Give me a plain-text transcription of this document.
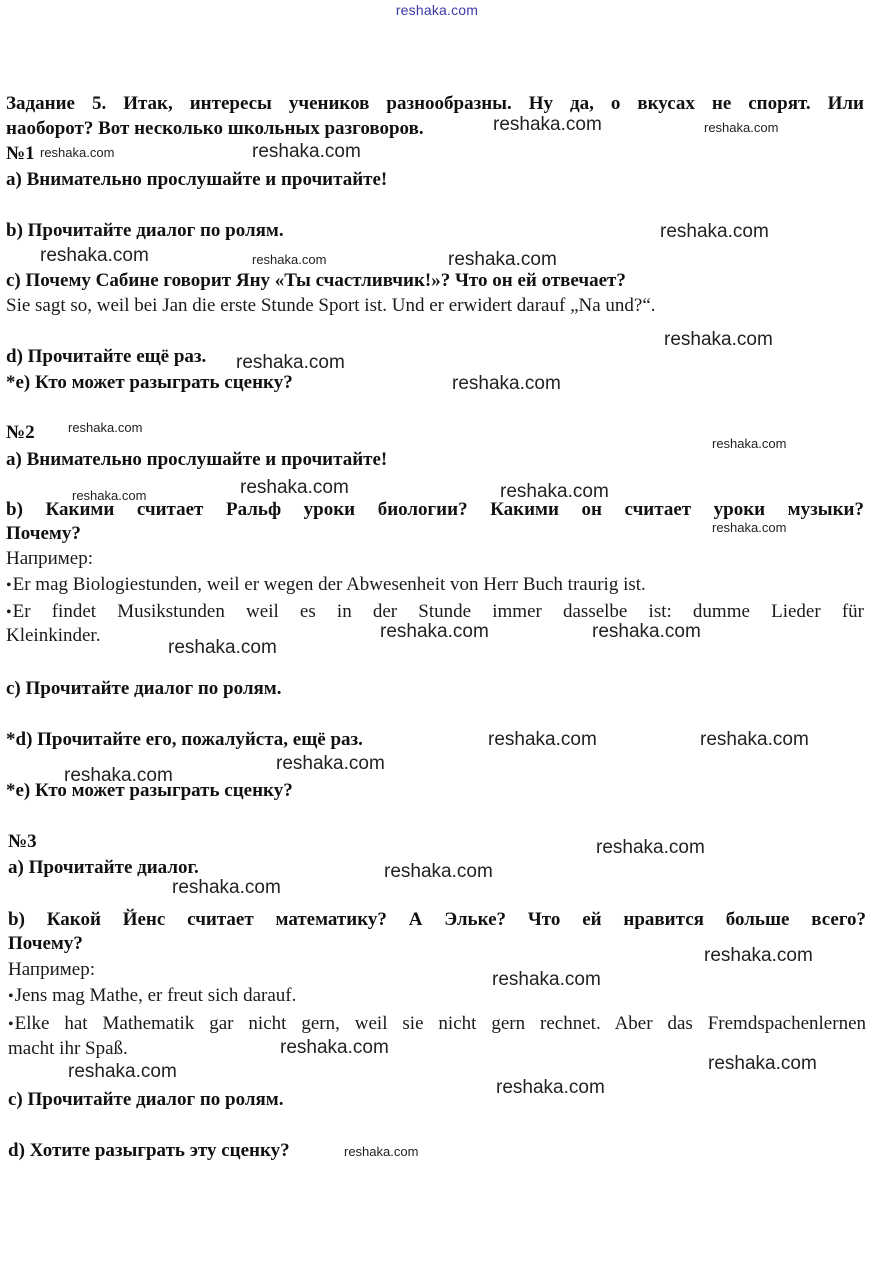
reshaka.com
Задание 5. Итак, интересы учеников разнообразны. Ну да, о вкусах не спорят. Или
наоборот? Вот несколько школьных разговоров.
№1
a) Внимательно прослушайте и прочитайте!
b) Прочитайте диалог по ролям.
c) Почему Сабине говорит Яну «Ты счастливчик!»? Что он ей отвечает?
Sie sagt so, weil bei Jan die erste Stunde Sport ist. Und er erwidert darauf „Na und?“.
d) Прочитайте ещё раз.
*e) Кто может разыграть сценку?
№2
a) Внимательно прослушайте и прочитайте!
b) Какими считает Ральф уроки биологии? Какими он считает уроки музыки?
Почему?
Например:
• Er mag Biologiestunden, weil er wegen der Abwesenheit von Herr Buch traurig ist.
• Er findet Musikstunden weil es in der Stunde immer dasselbe ist: dumme Lieder für
Kleinkinder.
c) Прочитайте диалог по ролям.
*d) Прочитайте его, пожалуйста, ещё раз.
*e) Кто может разыграть сценку?
№3
a) Прочитайте диалог.
b) Какой Йенс считает математику? А Эльке? Что ей нравится больше всего?
Почему?
Например:
• Jens mag Mathe, er freut sich darauf.
• Elke hat Mathematik gar nicht gern, weil sie nicht gern rechnet. Aber das Fremdspachenlernen
macht ihr Spaß.
c) Прочитайте диалог по ролям.
d) Хотите разыграть эту сценку?
reshaka.com	reshaka.com
reshaka.com	reshaka.com
reshaka.com
reshaka.com	reshaka.com	reshaka.com
reshaka.com
reshaka.com
reshaka.com
reshaka.com
reshaka.com
reshaka.com	reshaka.com	reshaka.com
reshaka.com
reshaka.com	reshaka.com
reshaka.com
reshaka.com	reshaka.com
reshaka.com
reshaka.com
reshaka.com
reshaka.com
reshaka.com
reshaka.com
reshaka.com
reshaka.com
reshaka.com
reshaka.com
reshaka.com
reshaka.com
